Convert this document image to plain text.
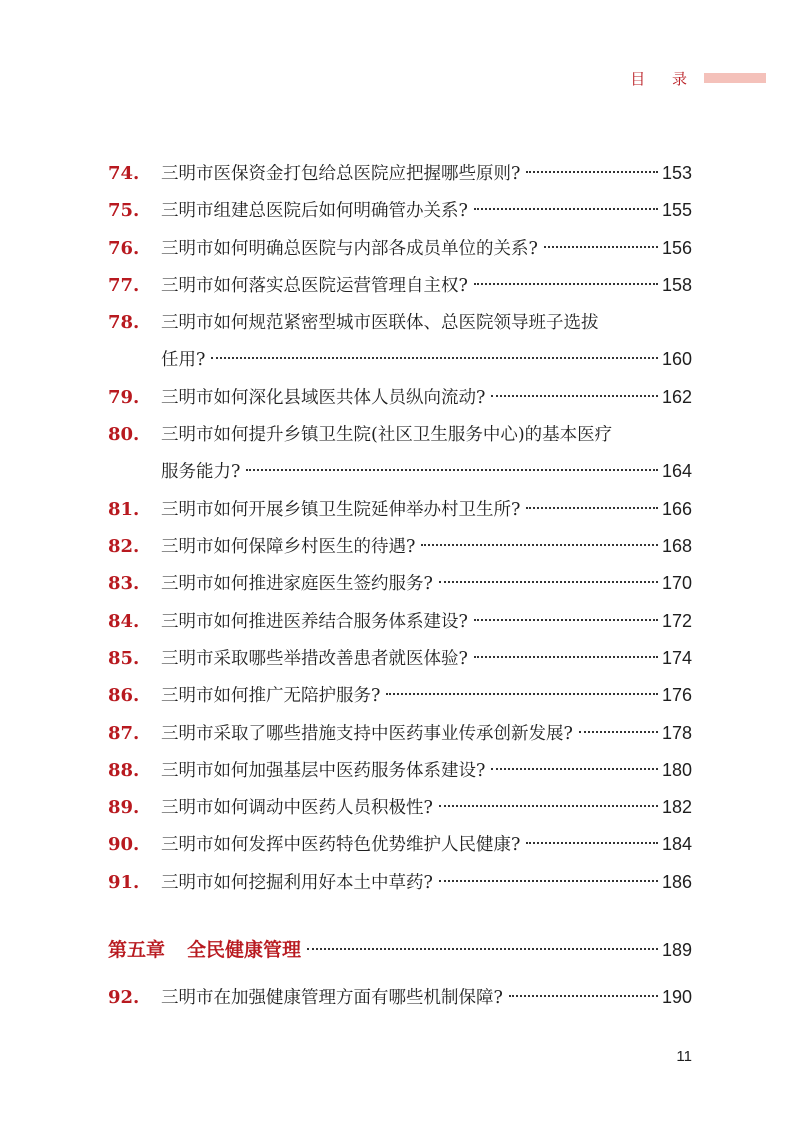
目 录
74.	三明市医保资金打包给总医院应把握哪些原则?	153
75.	三明市组建总医院后如何明确管办关系?	155
76.	三明市如何明确总医院与内部各成员单位的关系?	156
77.	三明市如何落实总医院运营管理自主权?	158
78.	三明市如何规范紧密型城市医联体、总医院领导班子选拔
任用?	160
79.	三明市如何深化县域医共体人员纵向流动?	162
80.	三明市如何提升乡镇卫生院(社区卫生服务中心)的基本医疗
服务能力?	164
81.	三明市如何开展乡镇卫生院延伸举办村卫生所?	166
82.	三明市如何保障乡村医生的待遇?	168
83.	三明市如何推进家庭医生签约服务?	170
84.	三明市如何推进医养结合服务体系建设?	172
85.	三明市采取哪些举措改善患者就医体验?	174
86.	三明市如何推广无陪护服务?	176
87.	三明市采取了哪些措施支持中医药事业传承创新发展?	178
88.	三明市如何加强基层中医药服务体系建设?	180
89.	三明市如何调动中医药人员积极性?	182
90.	三明市如何发挥中医药特色优势维护人民健康?	184
91.	三明市如何挖掘利用好本土中草药?	186
第五章 全民健康管理	189
92.	三明市在加强健康管理方面有哪些机制保障?	190
11
